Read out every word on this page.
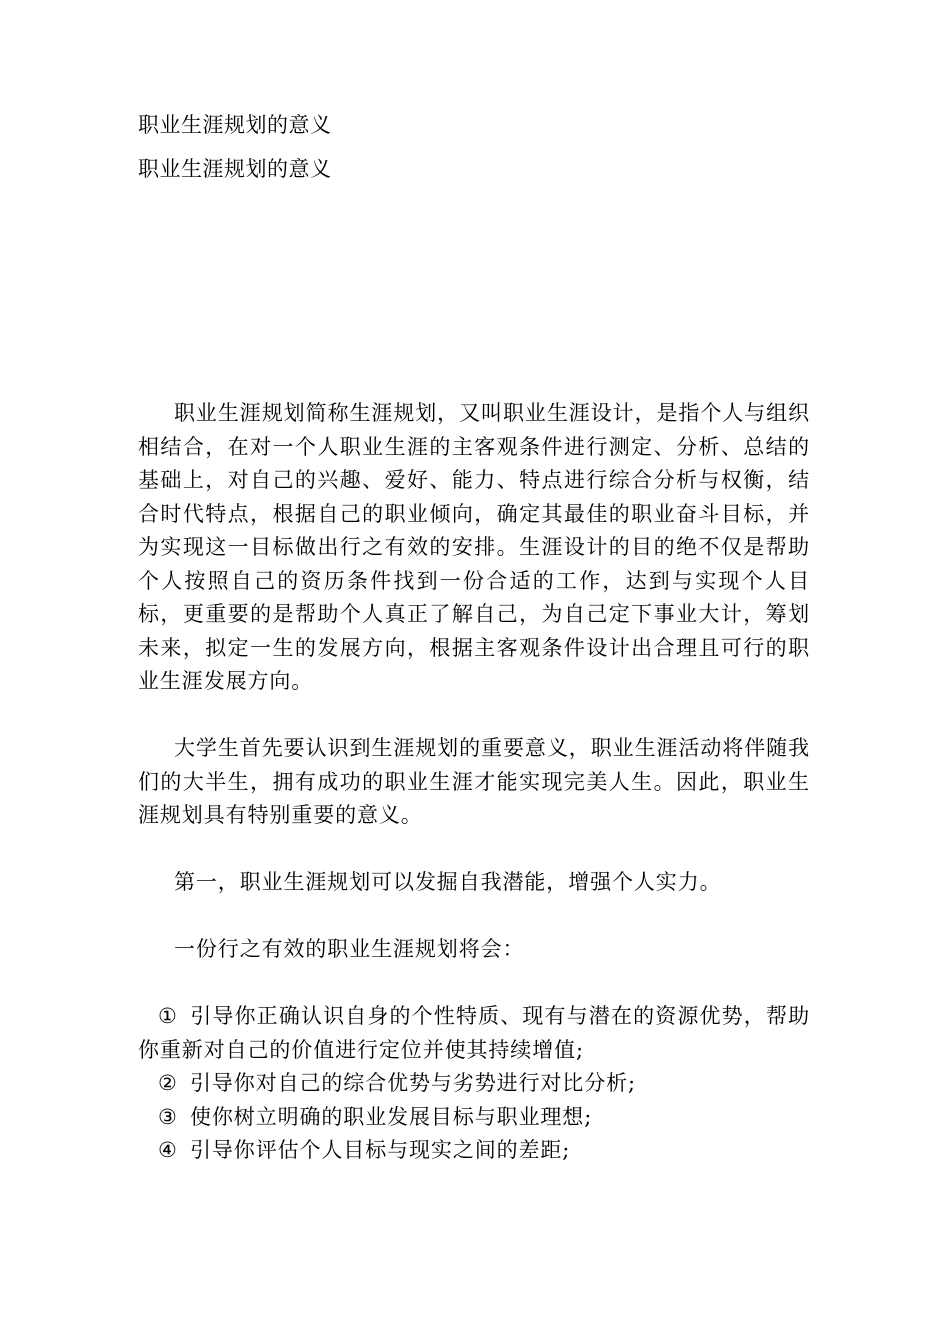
职业生涯规划的意义
职业生涯规划的意义

职业生涯规划简称生涯规划，又叫职业生涯设计，是指个人与组织相结合，在对一个人职业生涯的主客观条件进行测定、分析、总结的基础上，对自己的兴趣、爱好、能力、特点进行综合分析与权衡，结合时代特点，根据自己的职业倾向，确定其最佳的职业奋斗目标，并为实现这一目标做出行之有效的安排。生涯设计的目的绝不仅是帮助个人按照自己的资历条件找到一份合适的工作，达到与实现个人目标，更重要的是帮助个人真正了解自己，为自己定下事业大计，筹划未来，拟定一生的发展方向，根据主客观条件设计出合理且可行的职业生涯发展方向。

大学生首先要认识到生涯规划的重要意义，职业生涯活动将伴随我们的大半生，拥有成功的职业生涯才能实现完美人生。因此，职业生涯规划具有特别重要的意义。

第一，职业生涯规划可以发掘自我潜能，增强个人实力。

一份行之有效的职业生涯规划将会：

① 引导你正确认识自身的个性特质、现有与潜在的资源优势，帮助你重新对自己的价值进行定位并使其持续增值;
② 引导你对自己的综合优势与劣势进行对比分析;
③ 使你树立明确的职业发展目标与职业理想;
④ 引导你评估个人目标与现实之间的差距;
